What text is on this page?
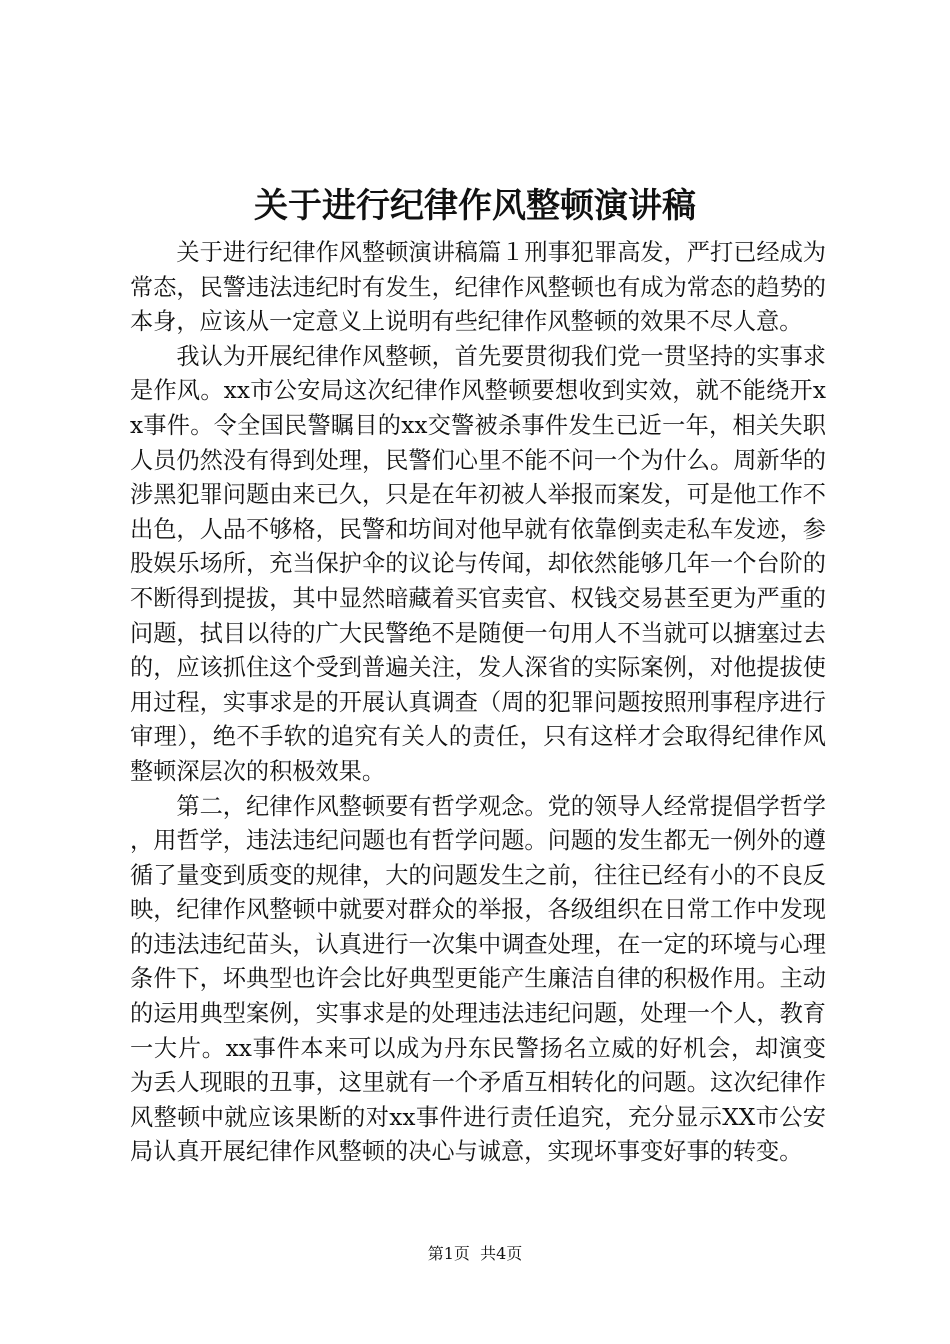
关于进行纪律作风整顿演讲稿

关于进行纪律作风整顿演讲稿篇１刑事犯罪高发，严打已经成为常态，民警违法违纪时有发生，纪律作风整顿也有成为常态的趋势的本身，应该从一定意义上说明有些纪律作风整顿的效果不尽人意。

我认为开展纪律作风整顿，首先要贯彻我们党一贯坚持的实事求是作风。xx市公安局这次纪律作风整顿要想收到实效，就不能绕开xx事件。令全国民警瞩目的xx交警被杀事件发生已近一年，相关失职人员仍然没有得到处理，民警们心里不能不问一个为什么。周新华的涉黑犯罪问题由来已久，只是在年初被人举报而案发，可是他工作不出色，人品不够格，民警和坊间对他早就有依靠倒卖走私车发迹，参股娱乐场所，充当保护伞的议论与传闻，却依然能够几年一个台阶的不断得到提拔，其中显然暗藏着买官卖官、权钱交易甚至更为严重的问题，拭目以待的广大民警绝不是随便一句用人不当就可以搪塞过去的，应该抓住这个受到普遍关注，发人深省的实际案例，对他提拔使用过程，实事求是的开展认真调查（周的犯罪问题按照刑事程序进行审理），绝不手软的追究有关人的责任，只有这样才会取得纪律作风整顿深层次的积极效果。

第二，纪律作风整顿要有哲学观念。党的领导人经常提倡学哲学，用哲学，违法违纪问题也有哲学问题。问题的发生都无一例外的遵循了量变到质变的规律，大的问题发生之前，往往已经有小的不良反映，纪律作风整顿中就要对群众的举报，各级组织在日常工作中发现的违法违纪苗头，认真进行一次集中调查处理，在一定的环境与心理条件下，坏典型也许会比好典型更能产生廉洁自律的积极作用。主动的运用典型案例，实事求是的处理违法违纪问题，处理一个人，教育一大片。xx事件本来可以成为丹东民警扬名立威的好机会，却演变为丢人现眼的丑事，这里就有一个矛盾互相转化的问题。这次纪律作风整顿中就应该果断的对xx事件进行责任追究，充分显示XX市公安局认真开展纪律作风整顿的决心与诚意，实现坏事变好事的转变。

第1页  共4页
